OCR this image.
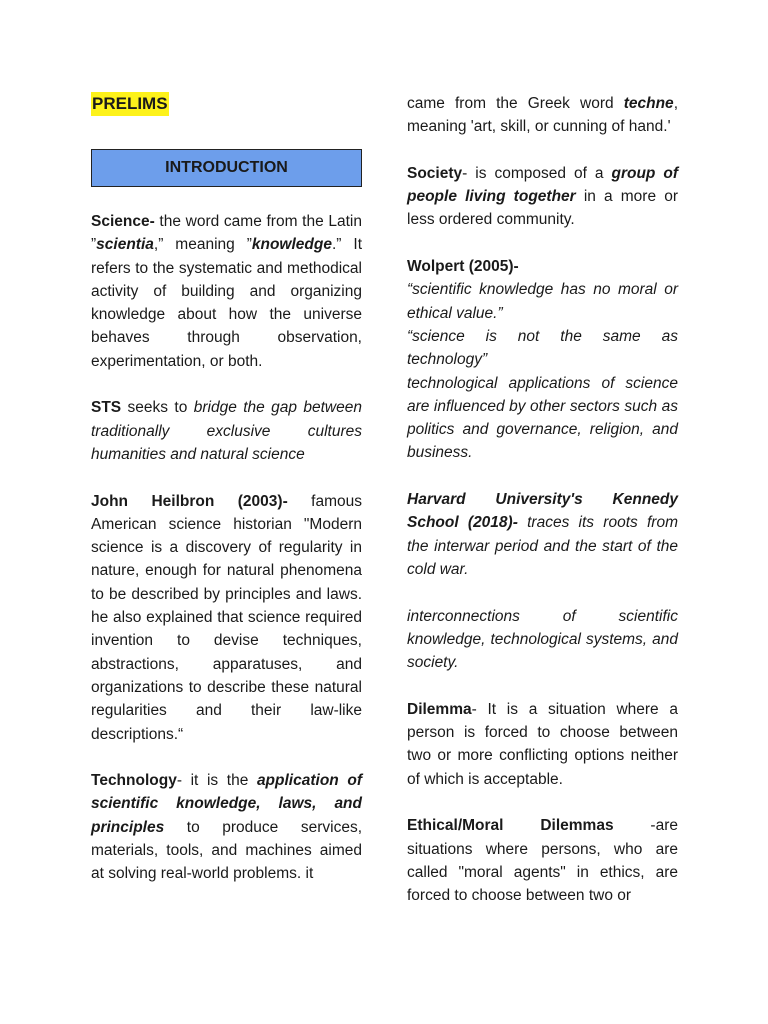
PRELIMS
INTRODUCTION

Science- the word came from the Latin ”scientia,” meaning ”knowledge.” It refers to the systematic and methodical activity of building and organizing knowledge about how the universe behaves through observation, experimentation, or both.

STS seeks to bridge the gap between traditionally exclusive cultures humanities and natural science

John Heilbron (2003)- famous American science historian "Modern science is a discovery of regularity in nature, enough for natural phenomena to be described by principles and laws. he also explained that science required invention to devise techniques, abstractions, apparatuses, and organizations to describe these natural regularities and their law-like descriptions.“

Technology- it is the application of scientific knowledge, laws, and principles to produce services, materials, tools, and machines aimed at solving real-world problems. it

came from the Greek word techne, meaning 'art, skill, or cunning of hand.'

Society- is composed of a group of people living together in a more or less ordered community.

Wolpert (2005)-
“scientific knowledge has no moral or ethical value.”
“science is not the same as technology”
technological applications of science are influenced by other sectors such as politics and governance, religion, and business.

Harvard University's Kennedy School (2018)- traces its roots from the interwar period and the start of the cold war.

interconnections of scientific knowledge, technological systems, and society.

Dilemma- It is a situation where a person is forced to choose between two or more conflicting options neither of which is acceptable.

Ethical/Moral Dilemmas -are situations where persons, who are called "moral agents" in ethics, are forced to choose between two or
